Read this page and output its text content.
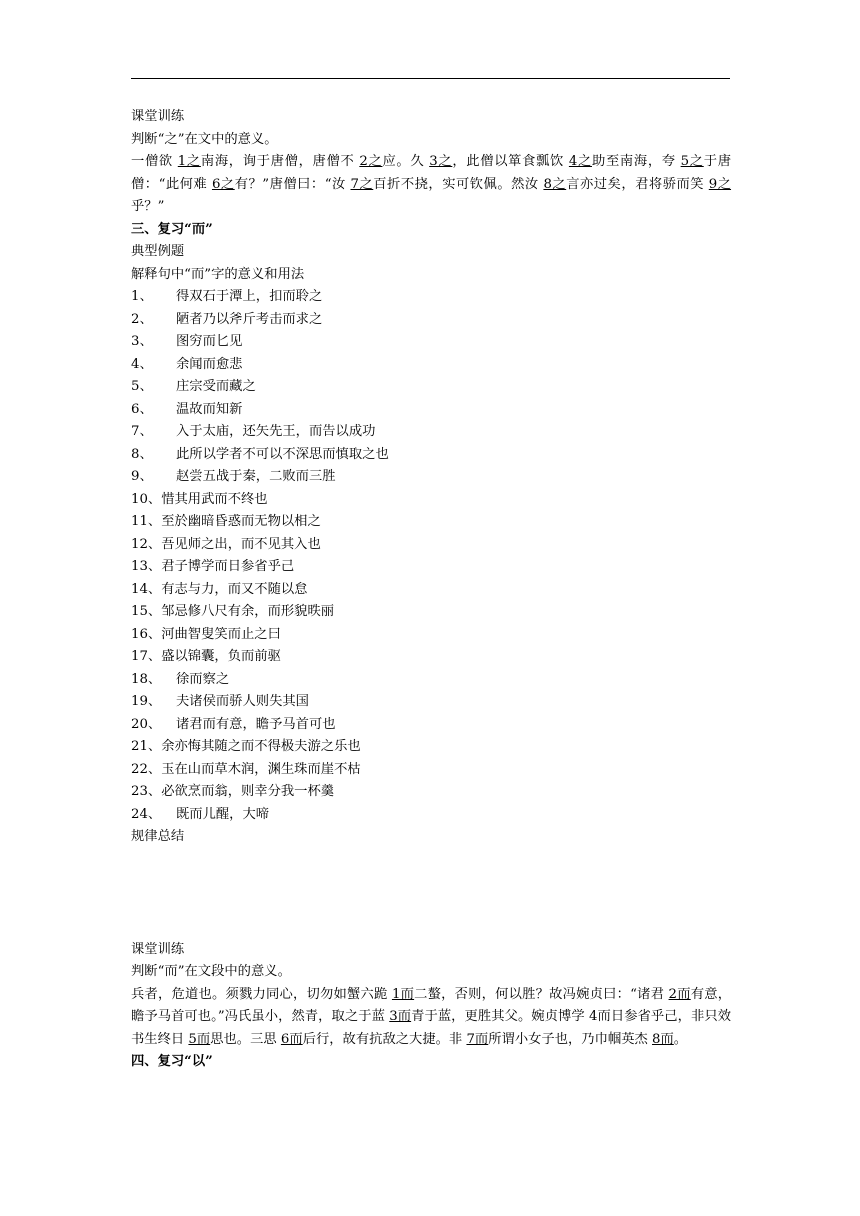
课堂训练
判断“之”在文中的意义。
一僧欲 1之南海，询于唐僧，唐僧不 2之应。久 3之，此僧以箪食瓢饮 4之助至南海，夸 5之于唐僧：“此何难 6之有？”唐僧曰：“汝 7之百折不挠，实可钦佩。然汝 8之言亦过矣，君将骄而笑 9之乎？”
三、复习“而”
典型例题
解释句中“而”字的意义和用法
1、 得双石于潭上，扣而聆之
2、 陋者乃以斧斤考击而求之
3、 图穷而匕见
4、 余闻而愈悲
5、 庄宗受而藏之
6、 温故而知新
7、 入于太庙，还矢先王，而告以成功
8、 此所以学者不可以不深思而慎取之也
9、 赵尝五战于秦，二败而三胜
10、惜其用武而不终也
11、至於幽暗昏惑而无物以相之
12、吾见师之出，而不见其入也
13、君子博学而日参省乎己
14、有志与力，而又不随以怠
15、邹忌修八尺有余，而形貌昳丽
16、河曲智叟笑而止之曰
17、盛以锦囊，负而前驱
18、 徐而察之
19、 夫诸侯而骄人则失其国
20、 诸君而有意，瞻予马首可也
21、余亦悔其随之而不得极夫游之乐也
22、玉在山而草木润，渊生珠而崖不枯
23、必欲烹而翁，则幸分我一杯羹
24、 既而儿醒，大啼
规律总结
课堂训练
判断“而”在文段中的意义。
兵者，危道也。须戮力同心，切勿如蟹六跪 1而二螯，否则，何以胜？故冯婉贞曰：“诸君 2而有意，瞻予马首可也。”冯氏虽小，然青，取之于蓝 3而青于蓝，更胜其父。婉贞博学 4而日参省乎己，非只效书生终日 5而思也。三思 6而后行，故有抗敌之大捷。非 7而所谓小女子也，乃巾帼英杰 8而。
四、复习“以”
